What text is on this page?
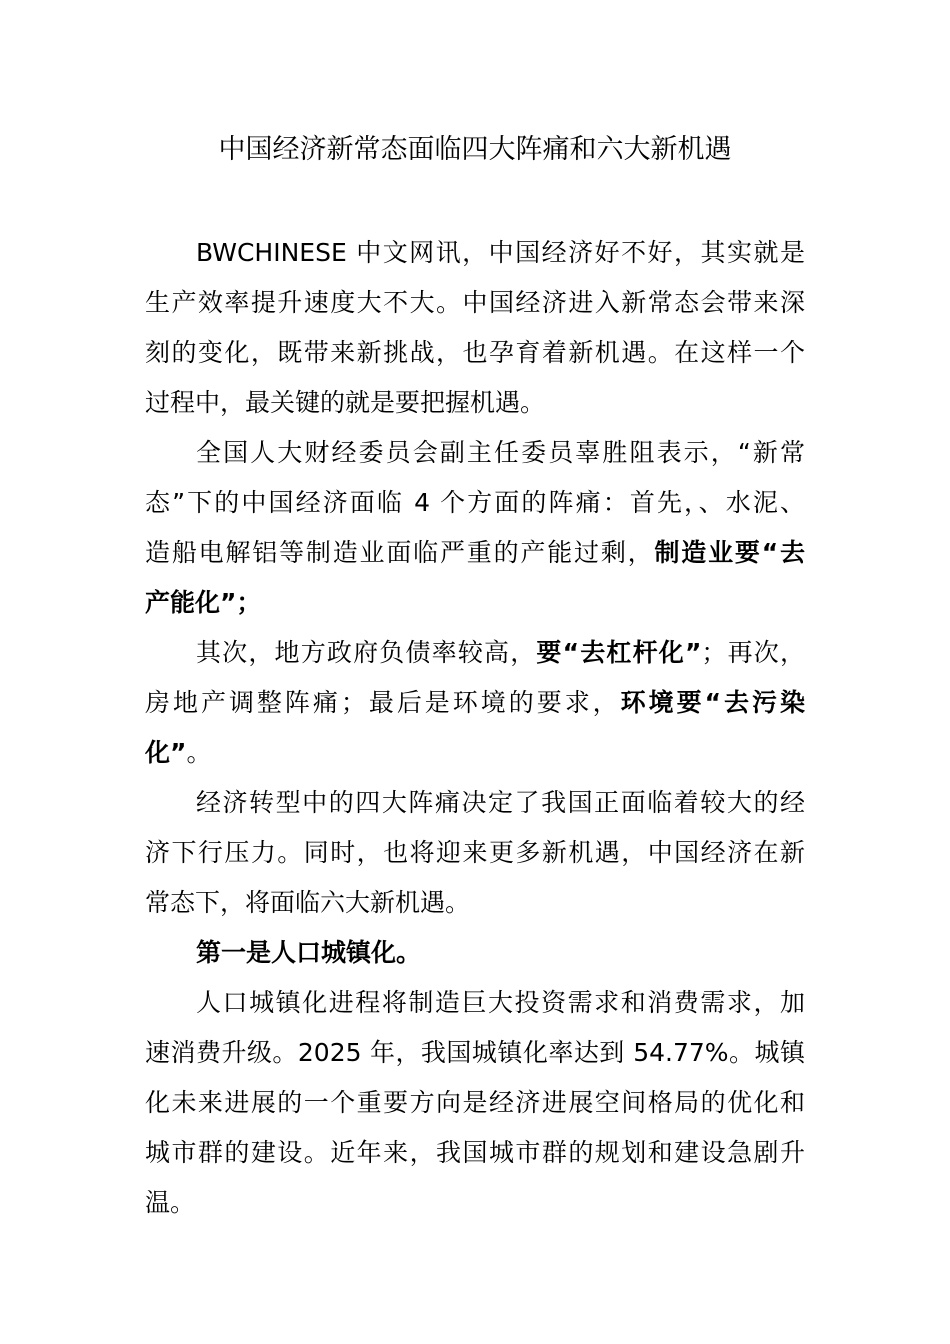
中国经济新常态面临四大阵痛和六大新机遇
BWCHINESE 中文网讯，中国经济好不好，其实就是
生产效率提升速度大不大。中国经济进入新常态会带来深
刻的变化，既带来新挑战，也孕育着新机遇。在这样一个
过程中，最关键的就是要把握机遇。
全国人大财经委员会副主任委员辜胜阻表示，“新常
态”下的中国经济面临 4 个方面的阵痛：首先，、水泥、
造船电解铝等制造业面临严重的产能过剩，制造业要“去
产能化”；
其次，地方政府负债率较高，要“去杠杆化”；再次，
房地产调整阵痛；最后是环境的要求，环境要“去污染
化”。
经济转型中的四大阵痛决定了我国正面临着较大的经
济下行压力。同时，也将迎来更多新机遇，中国经济在新
常态下，将面临六大新机遇。
第一是人口城镇化。
人口城镇化进程将制造巨大投资需求和消费需求，加
速消费升级。2025 年，我国城镇化率达到 54.77%。城镇
化未来进展的一个重要方向是经济进展空间格局的优化和
城市群的建设。近年来，我国城市群的规划和建设急剧升
温。
